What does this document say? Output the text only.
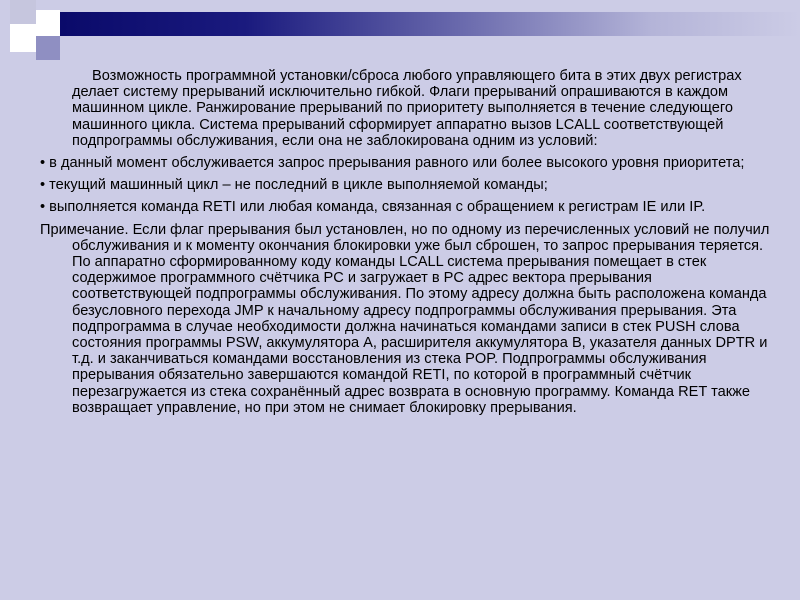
Возможность программной установки/сброса любого управляющего бита в этих двух регистрах делает систему прерываний исключительно гибкой. Флаги прерываний опрашиваются в каждом машинном цикле. Ранжирование прерываний по приоритету выполняется в течение следующего машинного цикла. Система прерываний сформирует аппаратно вызов LCALL соответствующей подпрограммы обслуживания, если она не заблокирована одним из условий:

• в данный момент обслуживается запрос прерывания равного или более высокого уровня приоритета;

• текущий машинный цикл – не последний в цикле выполняемой команды;

• выполняется команда RETI или любая команда, связанная с обращением к регистрам IE или IP.

Примечание. Если флаг прерывания был установлен, но по одному из перечисленных условий не получил обслуживания и к моменту окончания блокировки уже был сброшен, то запрос прерывания теряется. По аппаратно сформированному коду команды LCALL система прерывания помещает в стек содержимое программного счётчика PC и загружает в PC адрес вектора прерывания соответствующей подпрограммы обслуживания. По этому адресу должна быть расположена команда безусловного перехода JMP к начальному адресу подпрограммы обслуживания прерывания. Эта подпрограмма в случае необходимости должна начинаться командами записи в стек PUSH слова состояния программы PSW, аккумулятора A, расширителя аккумулятора B, указателя данных DPTR и т.д. и заканчиваться командами восстановления из стека POP. Подпрограммы обслуживания прерывания обязательно завершаются командой RETI, по которой в программный счётчик перезагружается из стека сохранённый адрес возврата в основную программу. Команда RET также возвращает управление, но при этом не снимает блокировку прерывания.
